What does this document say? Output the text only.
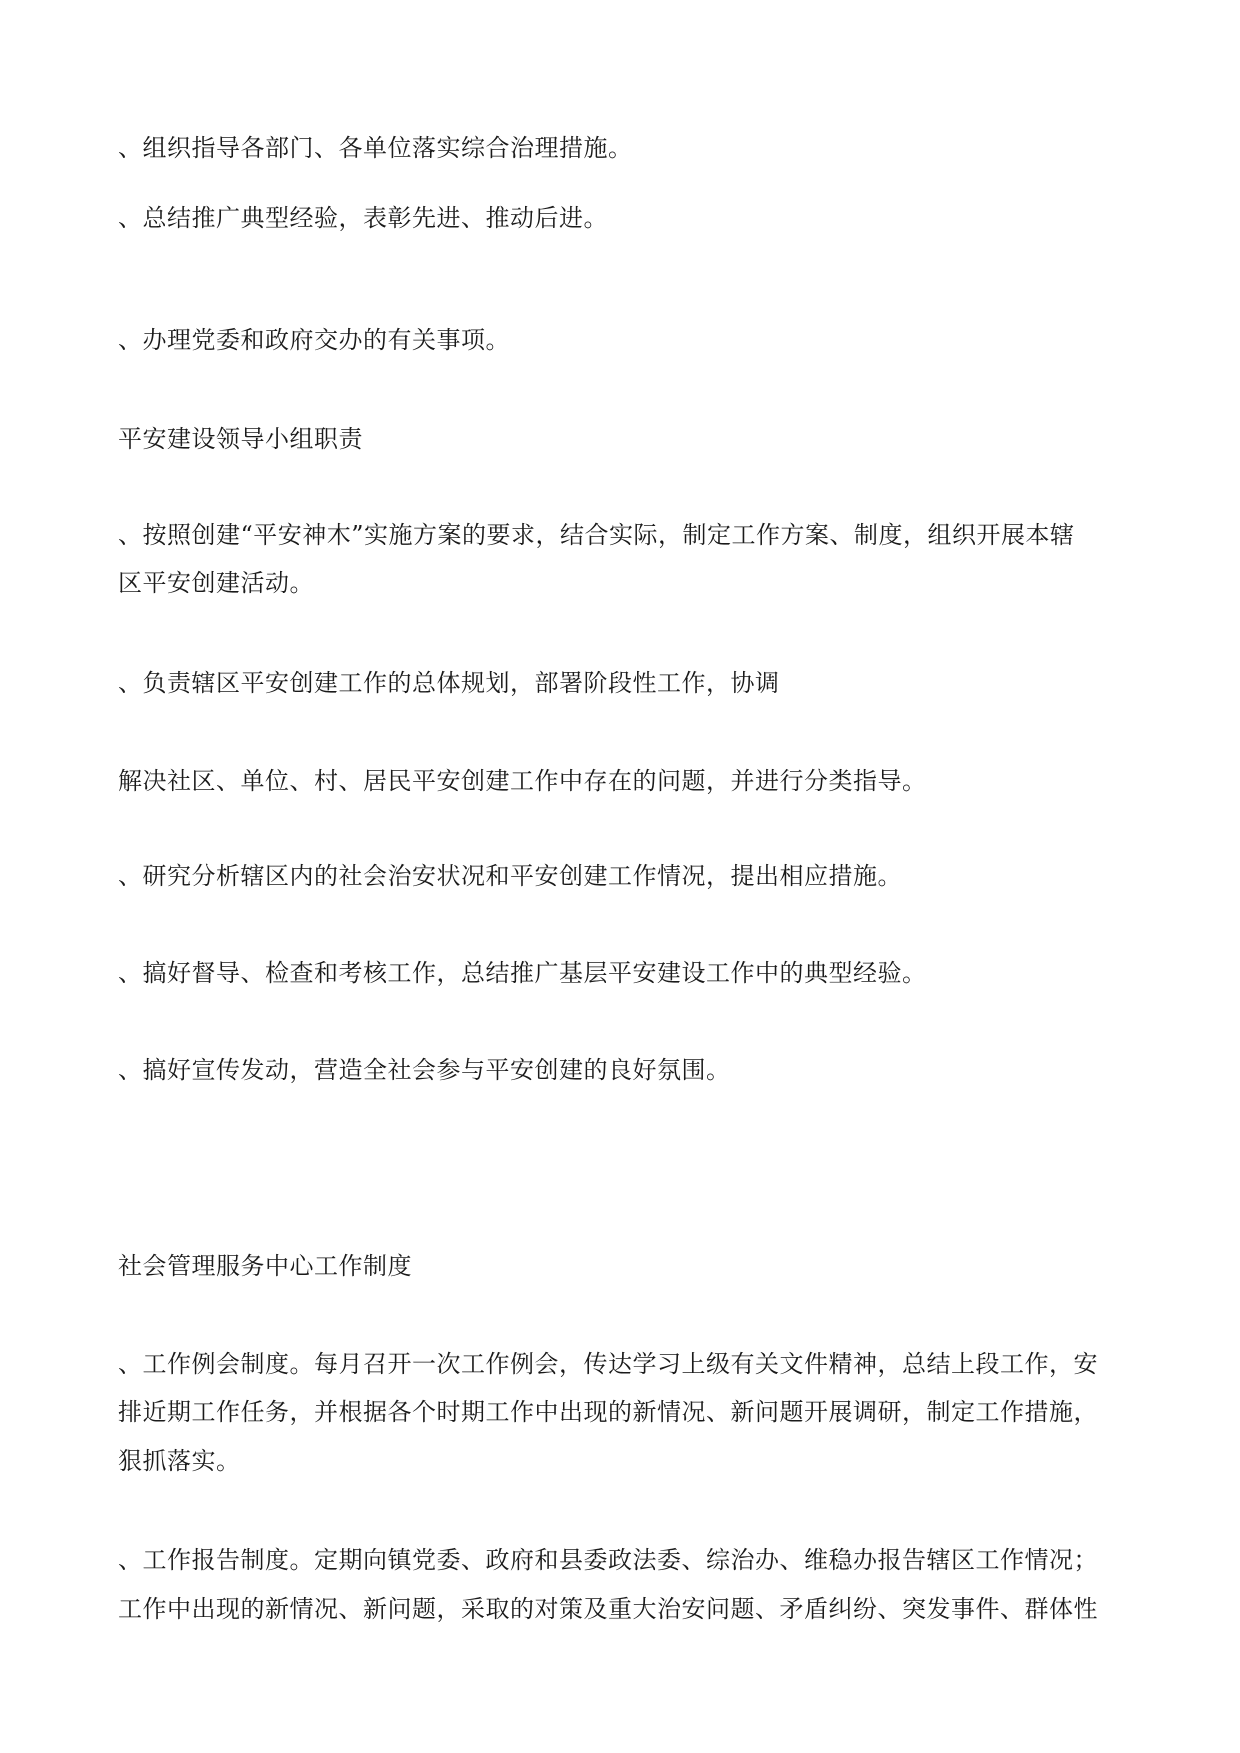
、组织指导各部门、各单位落实综合治理措施。
、总结推广典型经验，表彰先进、推动后进。
、办理党委和政府交办的有关事项。
平安建设领导小组职责
、按照创建“平安神木”实施方案的要求，结合实际，制定工作方案、制度，组织开展本辖
区平安创建活动。
、负责辖区平安创建工作的总体规划，部署阶段性工作，协调
解决社区、单位、村、居民平安创建工作中存在的问题，并进行分类指导。
、研究分析辖区内的社会治安状况和平安创建工作情况，提出相应措施。
、搞好督导、检查和考核工作，总结推广基层平安建设工作中的典型经验。
、搞好宣传发动，营造全社会参与平安创建的良好氛围。
社会管理服务中心工作制度
、工作例会制度。每月召开一次工作例会，传达学习上级有关文件精神，总结上段工作，安
排近期工作任务，并根据各个时期工作中出现的新情况、新问题开展调研，制定工作措施，
狠抓落实。
、工作报告制度。定期向镇党委、政府和县委政法委、综治办、维稳办报告辖区工作情况；
工作中出现的新情况、新问题，采取的对策及重大治安问题、矛盾纠纷、突发事件、群体性
